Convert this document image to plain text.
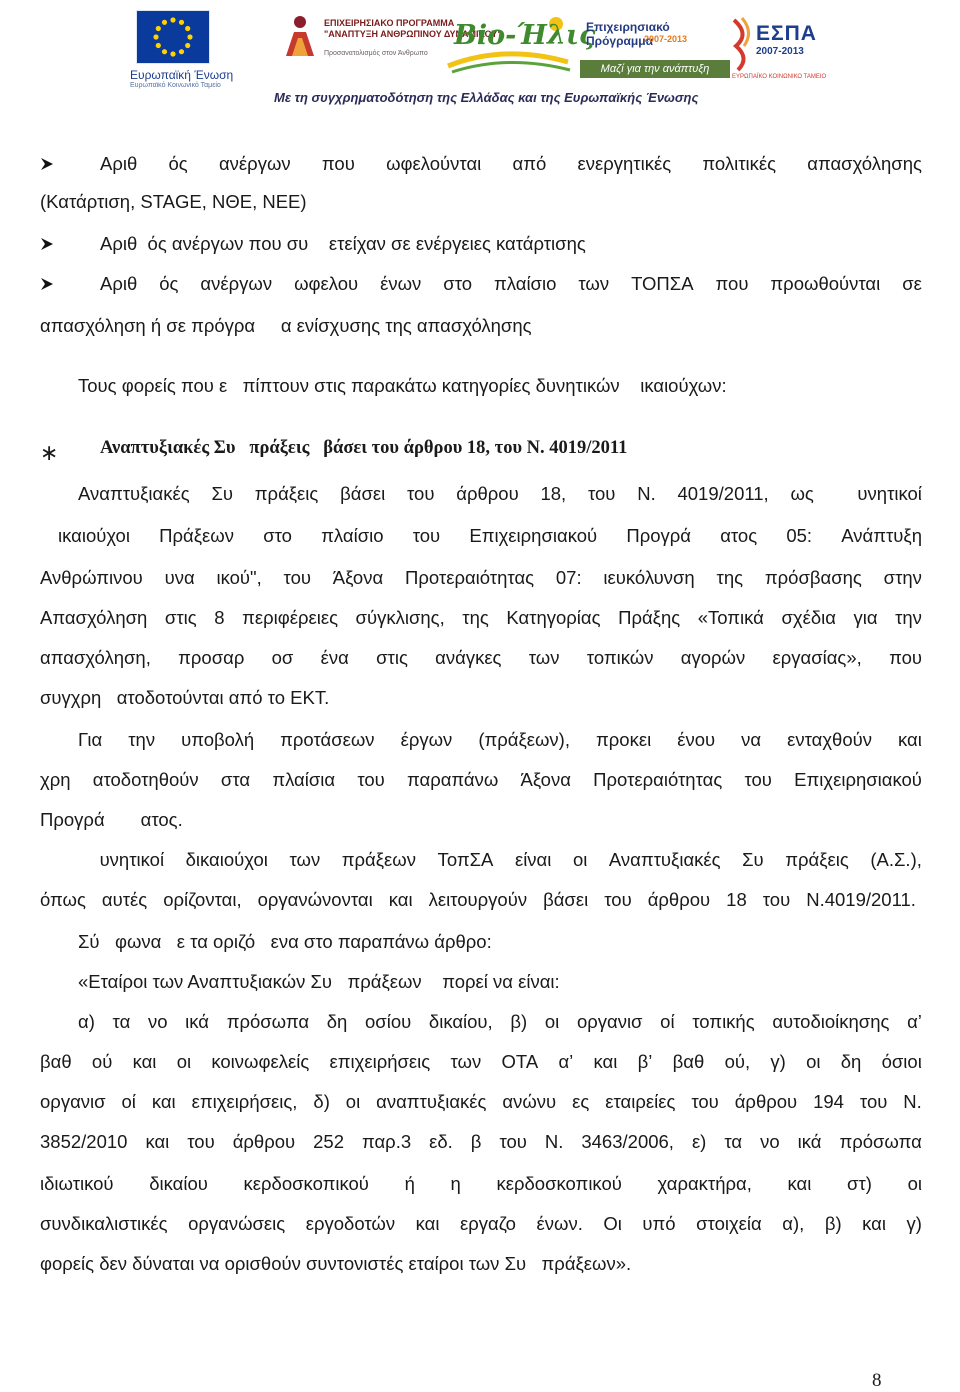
Ευρωπαϊκή Ένωση
Ευρωπαϊκό Κοινωνικό Ταμείο
ΕΠΙΧΕΙΡΗΣΙΑΚΟ ΠΡΟΓΡΑΜΜΑ
"ΑΝΑΠΤΥΞΗ ΑΝΘΡΩΠΙΝΟΥ ΔΥΝΑΜΙΚΟΥ"
Προσανατολισμός στον Άνθρωπο
Bio-Ήλις
Επιχειρησιακό
Πρόγραμμα
2007-2013
Μαζί για την ανάπτυξη
ΕΣΠΑ
2007-2013
ΕΥΡΩΠΑΪΚΟ ΚΟΙΝΩΝΙΚΟ ΤΑΜΕΙΟ
Με τη συγχρηματοδότηση της Ελλάδας και της Ευρωπαϊκής Ένωσης
Αριθ ός ανέργων που ωφελούνται από ενεργητικές πολιτικές απασχόλησης
(Κατάρτιση, STAGE, ΝΘΕ, ΝΕΕ)
Αριθ  ός ανέργων που συ    ετείχαν σε ενέργειες κατάρτισης
Αριθ ός ανέργων ωφελου ένων στο πλαίσιο των ΤΟΠΣΑ που προωθούνται σε
απασχόληση ή σε πρόγρα     α ενίσχυσης της απασχόλησης
Τους φορείς που ε   πίπτουν στις παρακάτω κατηγορίες δυνητικών    ικαιούχων:
∗	Αναπτυξιακές Συ   πράξεις   βάσει του άρθρου 18, του Ν. 4019/2011
Αναπτυξιακές Συ πράξεις βάσει του άρθρου 18, του Ν. 4019/2011, ως υνητικοί
ικαιούχοι Πράξεων στο πλαίσιο του Επιχειρησιακού Προγρά ατος 05: Ανάπτυξη
Ανθρώπινου υνα ικού", του Άξονα Προτεραιότητας 07: ιευκόλυνση της πρόσβασης στην
Απασχόληση στις 8 περιφέρειες σύγκλισης, της Κατηγορίας Πράξης «Τοπικά σχέδια για την
απασχόληση, προσαρ οσ ένα στις ανάγκες των τοπικών αγορών εργασίας», που
συγχρη   ατοδοτούνται από το ΕΚΤ.
Για την υποβολή προτάσεων έργων (πράξεων), προκει ένου να ενταχθούν και
χρη ατοδοτηθούν στα πλαίσια του παραπάνω Άξονα Προτεραιότητας του Επιχειρησιακού
Προγρά       ατος.
υνητικοί δικαιούχοι των πράξεων ΤοπΣΑ είναι οι Αναπτυξιακές Συ πράξεις (Α.Σ.),
όπως αυτές ορίζονται, οργανώνονται και λειτουργούν βάσει του άρθρου 18 του Ν.4019/2011.
Σύ   φωνα   ε τα οριζό   ενα στο παραπάνω άρθρο:
«Εταίροι των Αναπτυξιακών Συ   πράξεων    πορεί να είναι:
α) τα νο ικά πρόσωπα δη οσίου δικαίου, β) οι οργανισ οί τοπικής αυτοδιοίκησης α’
βαθ ού και οι κοινωφελείς επιχειρήσεις των ΟΤΑ α’ και β’ βαθ ού, γ) οι δη όσιοι
οργανισ οί και επιχειρήσεις, δ) οι αναπτυξιακές ανώνυ ες εταιρείες του άρθρου 194 του Ν.
3852/2010 και του άρθρου 252 παρ.3 εδ. β του Ν. 3463/2006, ε) τα νο ικά πρόσωπα
ιδιωτικού δικαίου κερδοσκοπικού ή η κερδοσκοπικού χαρακτήρα, και στ) οι
συνδικαλιστικές οργανώσεις εργοδοτών και εργαζο ένων. Οι υπό στοιχεία α), β) και γ)
φορείς δεν δύναται να ορισθούν συντονιστές εταίροι των Συ   πράξεων».
8
